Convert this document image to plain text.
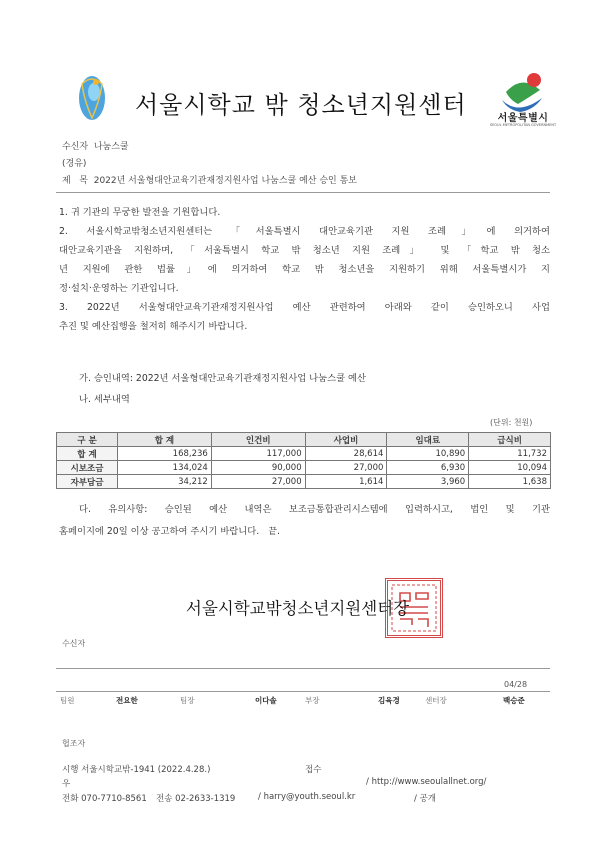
서울시학교 밖 청소년지원센터	서울특별시
SEOUL METROPOLITAN GOVERNMENT
수신자 나눔스쿨
(경유)
제   목 2022년 서울형대안교육기관재정지원사업 나눔스쿨 예산 승인 통보
1. 귀 기관의 무궁한 발전을 기원합니다.
2. 서울시학교밖청소년지원센터는 「서울특별시 대안교육기관 지원 조례」에 의거하여
대안교육기관을 지원하며, 「서울특별시 학교 밖 청소년 지원 조례」 및 「학교 밖 청소
년 지원에 관한 법률」에 의거하여 학교 밖 청소년을 지원하기 위해 서울특별시가 지
정·설치·운영하는 기관입니다.
3. 2022년 서울형대안교육기관재정지원사업 예산 관련하여 아래와 같이 승인하오니 사업
추진 및 예산집행을 철저히 해주시기 바랍니다.
가. 승인내역: 2022년 서울형대안교육기관재정지원사업 나눔스쿨 예산
나. 세부내역
(단위: 천원)
구 분	합 계	인건비	사업비	임대료	급식비
합 계	168,236	117,000	28,614	10,890	11,732
시보조금	134,024	90,000	27,000	6,930	10,094
자부담금	34,212	27,000	1,614	3,960	1,638
다. 유의사항: 승인된 예산 내역은 보조금통합관리시스템에 입력하시고, 법인 및 기관
홈페이지에 20일 이상 공고하여 주시기 바랍니다.   끝.
서울시학교밖청소년지원센터장
수신자
04/28
팀원	전요한	팀장	이다솔	부장	김육경	센터장	백승준
협조자
시행 서울시학교밖-1941 (2022.4.28.)	접수
우	/ http://www.seoulallnet.org/
전화 070-7710-8561 전송 02-2633-1319	/ harry@youth.seoul.kr	/ 공개
